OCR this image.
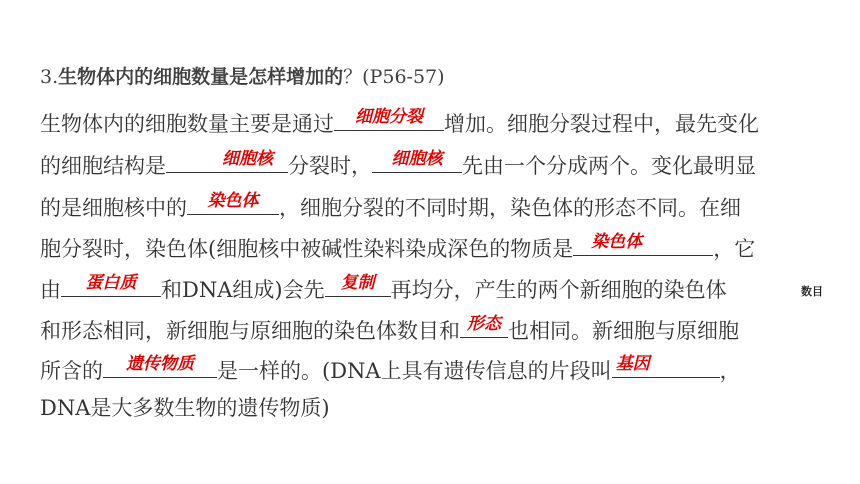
3.生物体内的细胞数量是怎样增加的？(P56-57)
生物体内的细胞数量主要是通过	细胞分裂	增加。细胞分裂过程中，最先变化
的细胞结构是	细胞核 分裂时，	细胞核 先由一个分成两个。变化最明显
的是细胞核中的	染色体 ，细胞分裂的不同时期，染色体的形态不同。在细
胞分裂时，染色体(细胞核中被碱性染料染成深色的物质是 染色体	，它
由	蛋白质	和DNA组成)会先 复制 再均分，产生的两个新细胞的染色体	数目
和形态相同，新细胞与原细胞的染色体数目和 形态 也相同。新细胞与原细胞
所含的	遗传物质	是一样的。(DNA上具有遗传信息的片段叫 基因	，
DNA是大多数生物的遗传物质)
